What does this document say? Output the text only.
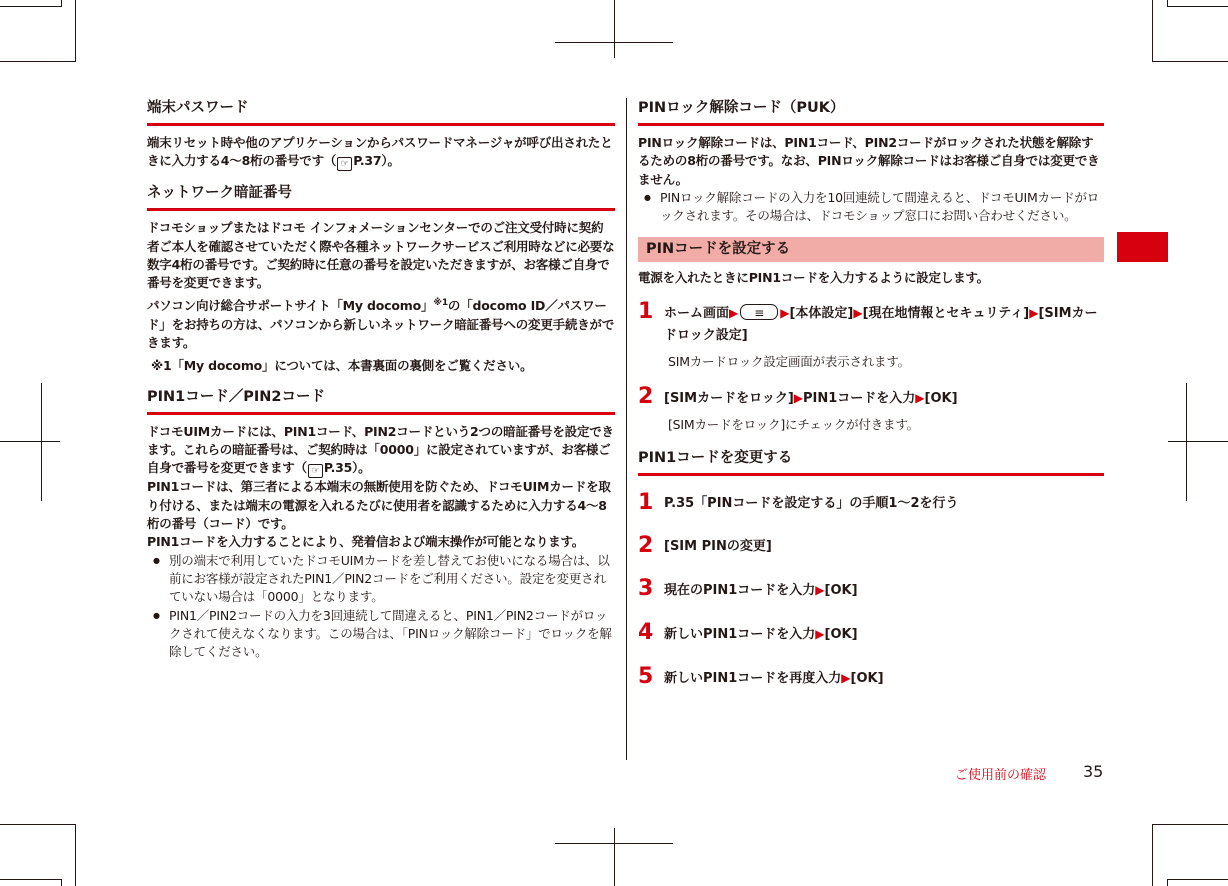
端末パスワード

端末リセット時や他のアプリケーションからパスワードマネージャが呼び出されたときに入力する4〜8桁の番号です（ ☞ P.37）。

ネットワーク暗証番号

ドコモショップまたはドコモ インフォメーションセンターでのご注文受付時に契約者ご本人を確認させていただく際や各種ネットワークサービスご利用時などに必要な数字4桁の番号です。ご契約時に任意の番号を設定いただきますが、お客様ご自身で番号を変更できます。

パソコン向け総合サポートサイト「My docomo」$^{※1}$の「docomo ID／パスワード」をお持ちの方は、パソコンから新しいネットワーク暗証番号への変更手続きができます。

※1「My docomo」については、本書裏面の裏側をご覧ください。

PIN1コード／PIN2コード

ドコモUIMカードには、PIN1コード、PIN2コードという2つの暗証番号を設定できます。これらの暗証番号は、ご契約時は「0000」に設定されていますが、お客様ご自身で番号を変更できます（ ☞ P.35）。

PIN1コードは、第三者による本端末の無断使用を防ぐため、ドコモUIMカードを取り付ける、または端末の電源を入れるたびに使用者を認識するために入力する4〜8桁の番号（コード）です。

PIN1コードを入力することにより、発着信および端末操作が可能となります。

● 別の端末で利用していたドコモUIMカードを差し替えてお使いになる場合は、以前にお客様が設定されたPIN1／PIN2コードをご利用ください。設定を変更されていない場合は「0000」となります。
● PIN1／PIN2コードの入力を3回連続して間違えると、PIN1／PIN2コードがロックされて使えなくなります。この場合は、「PINロック解除コード」でロックを解除してください。
PINロック解除コード（PUK）

PINロック解除コードは、PIN1コード、PIN2コードがロックされた状態を解除するための8桁の番号です。なお、PINロック解除コードはお客様ご自身では変更できません。

● PINロック解除コードの入力を10回連続して間違えると、ドコモUIMカードがロックされます。その場合は、ドコモショップ窓口にお問い合わせください。
PINコードを設定する

電源を入れたときにPIN1コードを入力するように設定します。

1 ホーム画面▶≡	▶[本体設定]▶[現在地情報とセキュリティ]▶[SIMカードロック設定]

SIMカードロック設定画面が表示されます。

2 [SIMカードをロック]▶PIN1コードを入力▶[OK]

[SIMカードをロック]にチェックが付きます。

PIN1コードを変更する
1 P.35「PINコードを設定する」の手順1〜2を行う
2 [SIM PINの変更]
3 現在のPIN1コードを入力▶[OK]
4 新しいPIN1コードを入力▶[OK]
5 新しいPIN1コードを再度入力▶[OK]
ご使用前の確認 35
